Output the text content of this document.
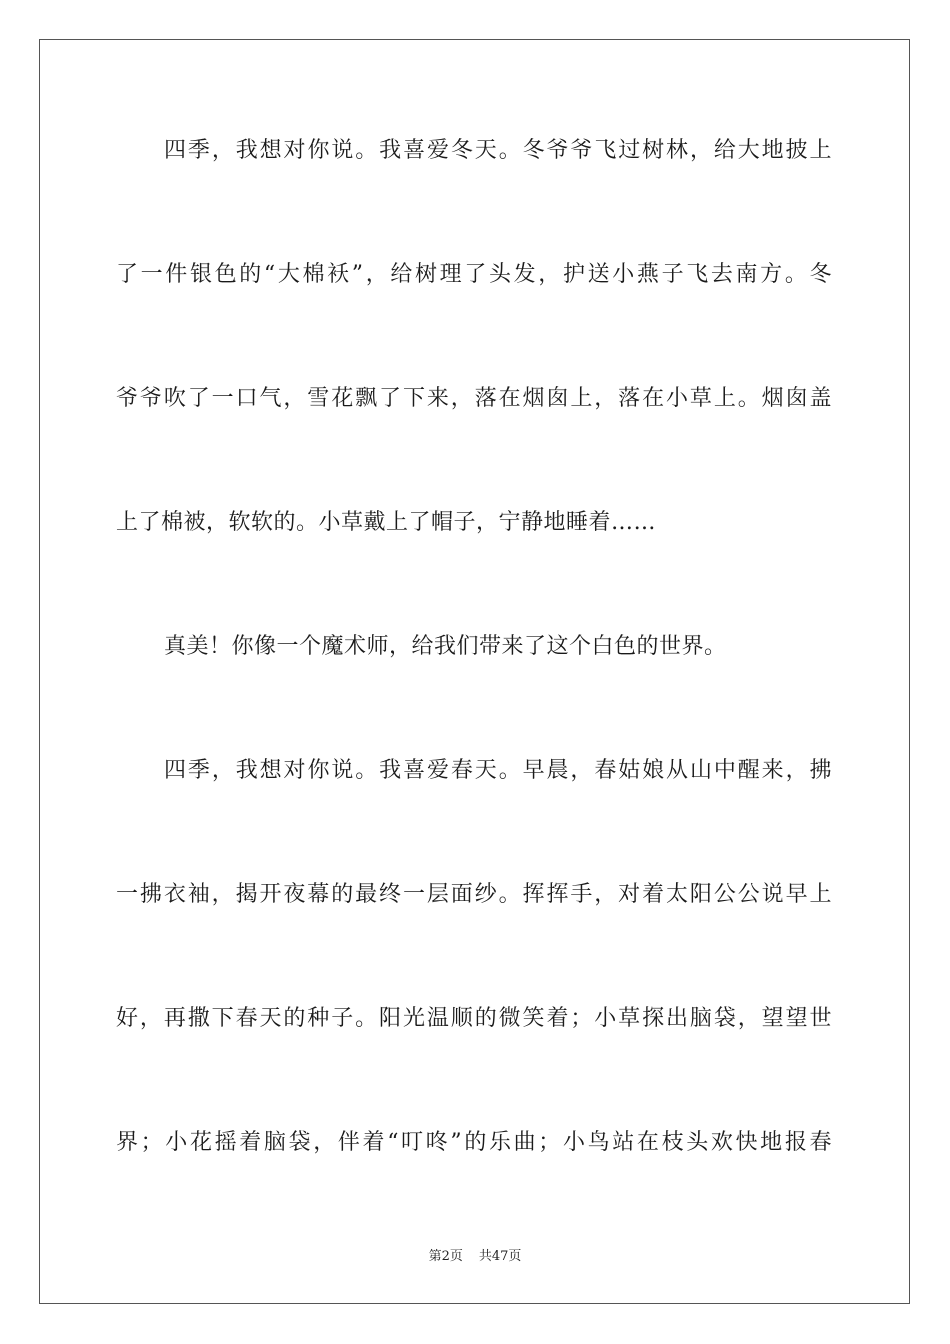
四季，我想对你说。我喜爱冬天。冬爷爷飞过树林，给大地披上
了一件银色的“大棉袄”，给树理了头发，护送小燕子飞去南方。冬
爷爷吹了一口气，雪花飘了下来，落在烟囱上，落在小草上。烟囱盖
上了棉被，软软的。小草戴上了帽子，宁静地睡着……
真美！你像一个魔术师，给我们带来了这个白色的世界。
四季，我想对你说。我喜爱春天。早晨，春姑娘从山中醒来，拂
一拂衣袖，揭开夜幕的最终一层面纱。挥挥手，对着太阳公公说早上
好，再撒下春天的种子。阳光温顺的微笑着；小草探出脑袋，望望世
界；小花摇着脑袋，伴着“叮咚”的乐曲；小鸟站在枝头欢快地报春
第2页 共47页
